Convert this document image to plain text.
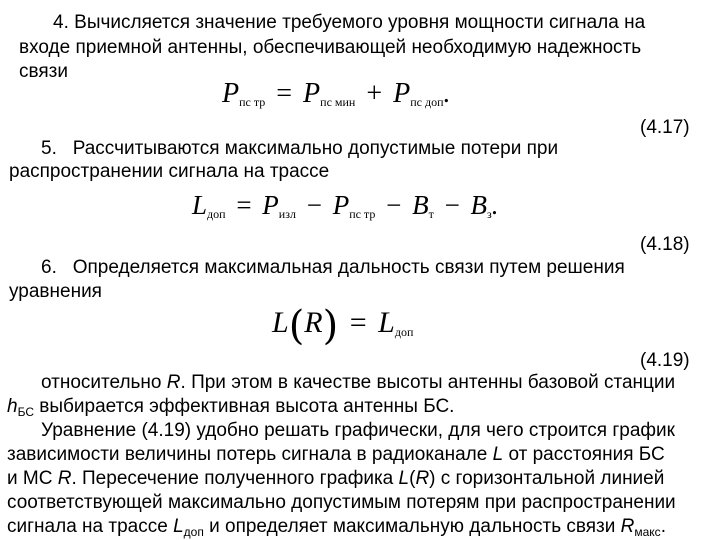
4. Вычисляется значение требуемого уровня мощности сигнала на
входе приемной антенны, обеспечивающей необходимую надежность
связи
Pпс тр = Pпс мин + Pпс доп.
(4.17)
5. Рассчитываются максимально допустимые потери при
распространении сигнала на трассе
Lдоп = Pизл − Pпс тр − Bт − Bз.
(4.18)
6. Определяется максимальная дальность связи путем решения
уравнения
L(R) = Lдоп
(4.19)
относительно R. При этом в качестве высоты антенны базовой станции
$h_{БС}$ выбирается эффективная высота антенны БС.
Уравнение (4.19) удобно решать графически, для чего строится график
зависимости величины потерь сигнала в радиоканале L от расстояния БС
и МС R. Пересечение полученного графика L(R) с горизонтальной линией
соответствующей максимально допустимым потерям при распространении
сигнала на трассе $L_{доп}$ и определяет максимальную дальность связи $R_{макс}$.
